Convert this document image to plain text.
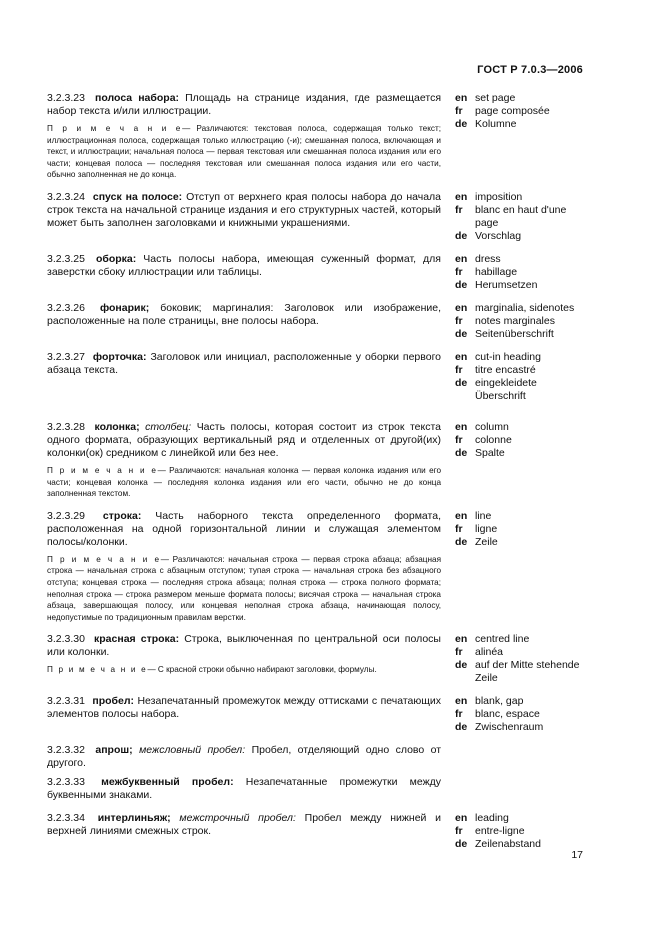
ГОСТ Р 7.0.3—2006

3.2.3.23 полоса набора: Площадь на странице издания, где размещается набор текста и/или иллюстрации.

П р и м е ч а н и е— Различаются: текстовая полоса, содержащая только текст; иллюстрационная полоса, содержащая только иллюстрацию (-и); смешанная полоса, включающая и текст, и иллюстрации; начальная полоса — первая текстовая или смешанная полоса издания или его части; концевая полоса — последняя текстовая или смешанная полоса издания или его части, обычно заполненная не до конца.

en set page
fr	page composée
de Kolumne

3.2.3.24 спуск на полосе: Отступ от верхнего края полосы набора до начала строк текста на начальной странице издания и его структурных частей, который может быть заполнен заголовками и книжными украшениями.

en imposition
fr	blanc en haut d'une page
de Vorschlag

3.2.3.25 оборка: Часть полосы набора, имеющая суженный формат, для заверстки сбоку иллюстрации или таблицы.

en dress
fr	habillage
de Herumsetzen

3.2.3.26 фонарик; боковик; маргиналия: Заголовок или изображение, расположенные на поле страницы, вне полосы набора.

en marginalia, sidenotes
fr	notes marginales
de Seitenüberschrift

3.2.3.27 форточка: Заголовок или инициал, расположенные у оборки первого абзаца текста.

en cut-in heading
fr	titre encastré
de eingekleidete Überschrift

3.2.3.28 колонка; столбец: Часть полосы, которая состоит из строк текста одного формата, образующих вертикальный ряд и отделенных от другой(их) колонки(ок) средником с линейкой или без нее.

П р и м е ч а н и е— Различаются: начальная колонка — первая колонка издания или его части; концевая колонка — последняя колонка издания или его части, обычно не до конца заполненная текстом.

en column
fr	colonne
de Spalte

3.2.3.29 строка: Часть наборного текста определенного формата, расположенная на одной горизонтальной линии и служащая элементом полосы/колонки.

П р и м е ч а н и е— Различаются: начальная строка — первая строка абзаца; абзацная строка — начальная строка с абзацным отступом; тупая строка — начальная строка без абзацного отступа; концевая строка — последняя строка абзаца; полная строка — строка полного формата; неполная строка — строка размером меньше формата полосы; висячая строка — начальная строка абзаца, завершающая полосу, или концевая неполная строка абзаца, начинающая полосу, недопустимые по традиционным правилам верстки.

en line
fr	ligne
de Zeile

3.2.3.30 красная строка: Строка, выключенная по центральной оси полосы или колонки.

П р и м е ч а н и е— С красной строки обычно набирают заголовки, формулы.

en centred line
fr	alinéa
de auf der Mitte stehende Zeile

3.2.3.31 пробел: Незапечатанный промежуток между оттисками с печатающих элементов полосы набора.

en blank, gap
fr	blanc, espace
de Zwischenraum

3.2.3.32 апрош; межсловный пробел: Пробел, отделяющий одно слово от другого.

3.2.3.33 межбуквенный пробел: Незапечатанные промежутки между буквенными знаками.

3.2.3.34 интерлиньяж; межстрочный пробел: Пробел между нижней и верхней линиями смежных строк.

en leading
fr	entre-ligne
de Zeilenabstand
17
